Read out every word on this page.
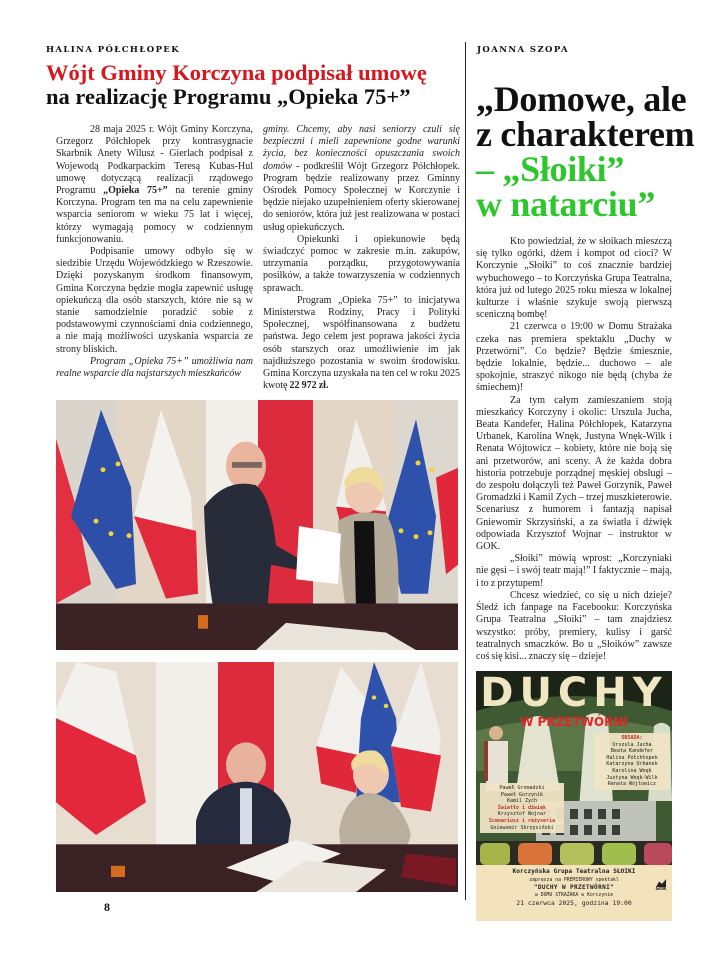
HALINA PÓŁCHŁOPEK
Wójt Gminy Korczyna podpisał umowę
na realizację Programu „Opieka 75+”

28 maja 2025 r. Wójt Gminy Korczyna, Grzegorz Półchłopek przy kontrasygnacie Skarbnik Anety Wilusz - Gierlach podpisał z Wojewodą Podkarpackim Teresą Kubas-Hul umowę dotyczącą realizacji rządowego Programu „Opieka 75+” na terenie gminy Korczyna. Program ten ma na celu zapewnienie wsparcia seniorom w wieku 75 lat i więcej, którzy wymagają pomocy w codziennym funkcjonowaniu.

Podpisanie umowy odbyło się w siedzibie Urzędu Wojewódzkiego w Rzeszowie. Dzięki pozyskanym środkom finansowym, Gmina Korczyna będzie mogła zapewnić usługę opiekuńczą dla osób starszych, które nie są w stanie samodzielnie poradzić sobie z podstawowymi czynnościami dnia codziennego, a nie mają możliwości uzyskania wsparcia ze strony bliskich.

Program „Opieka 75+” umożliwia nam realne wsparcie dla najstarszych mieszkańców

gminy. Chcemy, aby nasi seniorzy czuli się bezpieczni i mieli zapewnione godne warunki życia, bez konieczności opuszczania swoich domów - podkreślił Wójt Grzegorz Półchłopek. Program będzie realizowany przez Gminny Ośrodek Pomocy Społecznej w Korczynie i będzie niejako uzupełnieniem oferty skierowanej do seniorów, która już jest realizowana w postaci usług opiekuńczych.

Opiekunki i opiekunowie będą świadczyć pomoc w zakresie m.in. zakupów, utrzymania porządku, przygotowywania posiłków, a także towarzyszenia w codziennych sprawach.

Program „Opieka 75+” to inicjatywa Ministerstwa Rodziny, Pracy i Polityki Społecznej, współfinansowana z budżetu państwa. Jego celem jest poprawa jakości życia osób starszych oraz umożliwienie im jak najdłuższego pozostania w swoim środowisku. Gmina Korczyna uzyskała na ten cel w roku 2025 kwotę 22 972 zł.

8
JOANNA SZOPA
„Domowe, ale
z charakterem
– „Słoiki”
w natarciu”

Kto powiedział, że w słoikach mieszczą się tylko ogórki, dżem i kompot od cioci? W Korczynie „Słoiki” to coś znacznie bardziej wybuchowego – to Korczyńska Grupa Teatralna, która już od lutego 2025 roku miesza w lokalnej kulturze i właśnie szykuje swoją pierwszą sceniczną bombę!

21 czerwca o 19:00 w Domu Strażaka czeka nas premiera spektaklu „Duchy w Przetwórni”. Co będzie? Będzie śmiesznie, będzie lokalnie, będzie... duchowo – ale spokojnie, straszyć nikogo nie będą (chyba że śmiechem)!

Za tym całym zamieszaniem stoją mieszkańcy Korczyny i okolic: Urszula Jucha, Beata Kandefer, Halina Półchłopek, Katarzyna Urbanek, Karolina Wnęk, Justyna Wnęk-Wilk i Renata Wójtowicz – kobiety, które nie boją się ani przetworów, ani sceny. A że każda dobra historia potrzebuje porządnej męskiej obsługi – do zespołu dołączyli też Paweł Gorzynik, Paweł Gromadzki i Kamil Zych – trzej muszkieterowie. Scenariusz z humorem i fantazją napisał Gniewomir Skrzysiński, a za światła i dźwięk odpowiada Krzysztof Wojnar – instruktor w GOK.

„Słoiki” mówią wprost: „Korczyniaki nie gęsi – i swój teatr mają!” I faktycznie – mają, i to z przytupem!

Chcesz wiedzieć, co się u nich dzieje? Śledź ich fanpage na Facebooku: Korczyńska Grupa Teatralna „Słoiki” – tam znajdziesz wszystko: próby, premiery, kulisy i garść teatralnych smaczków. Bo u „Słoików” zawsze coś się kisi... znaczy się – dzieje!

DUCHY
W PRZETWÓRNI
OBSADA:
Urszula Jucha
Beata Kandefer
Halina Półchłopek
Katarzyna Urbanek
Karolina Wnęk
Justyna Wnęk-Wilk
Renata Wójtowicz
Paweł Gromadzki
Paweł Gorzynik
Kamil Zych
Światło i dźwięk
Krzysztof Wojnar
Scenariusz i reżyseria
Gniewomir Skrzysiński
Korczyńska Grupa Teatralna SŁOIKI
zaprasza na PREMIEROWY spektakl
"DUCHY W PRZETWÓRNI"
w DOMU STRAŻAKA w Korczynie
21 czerwca 2025, godzina 19:00
GOK
